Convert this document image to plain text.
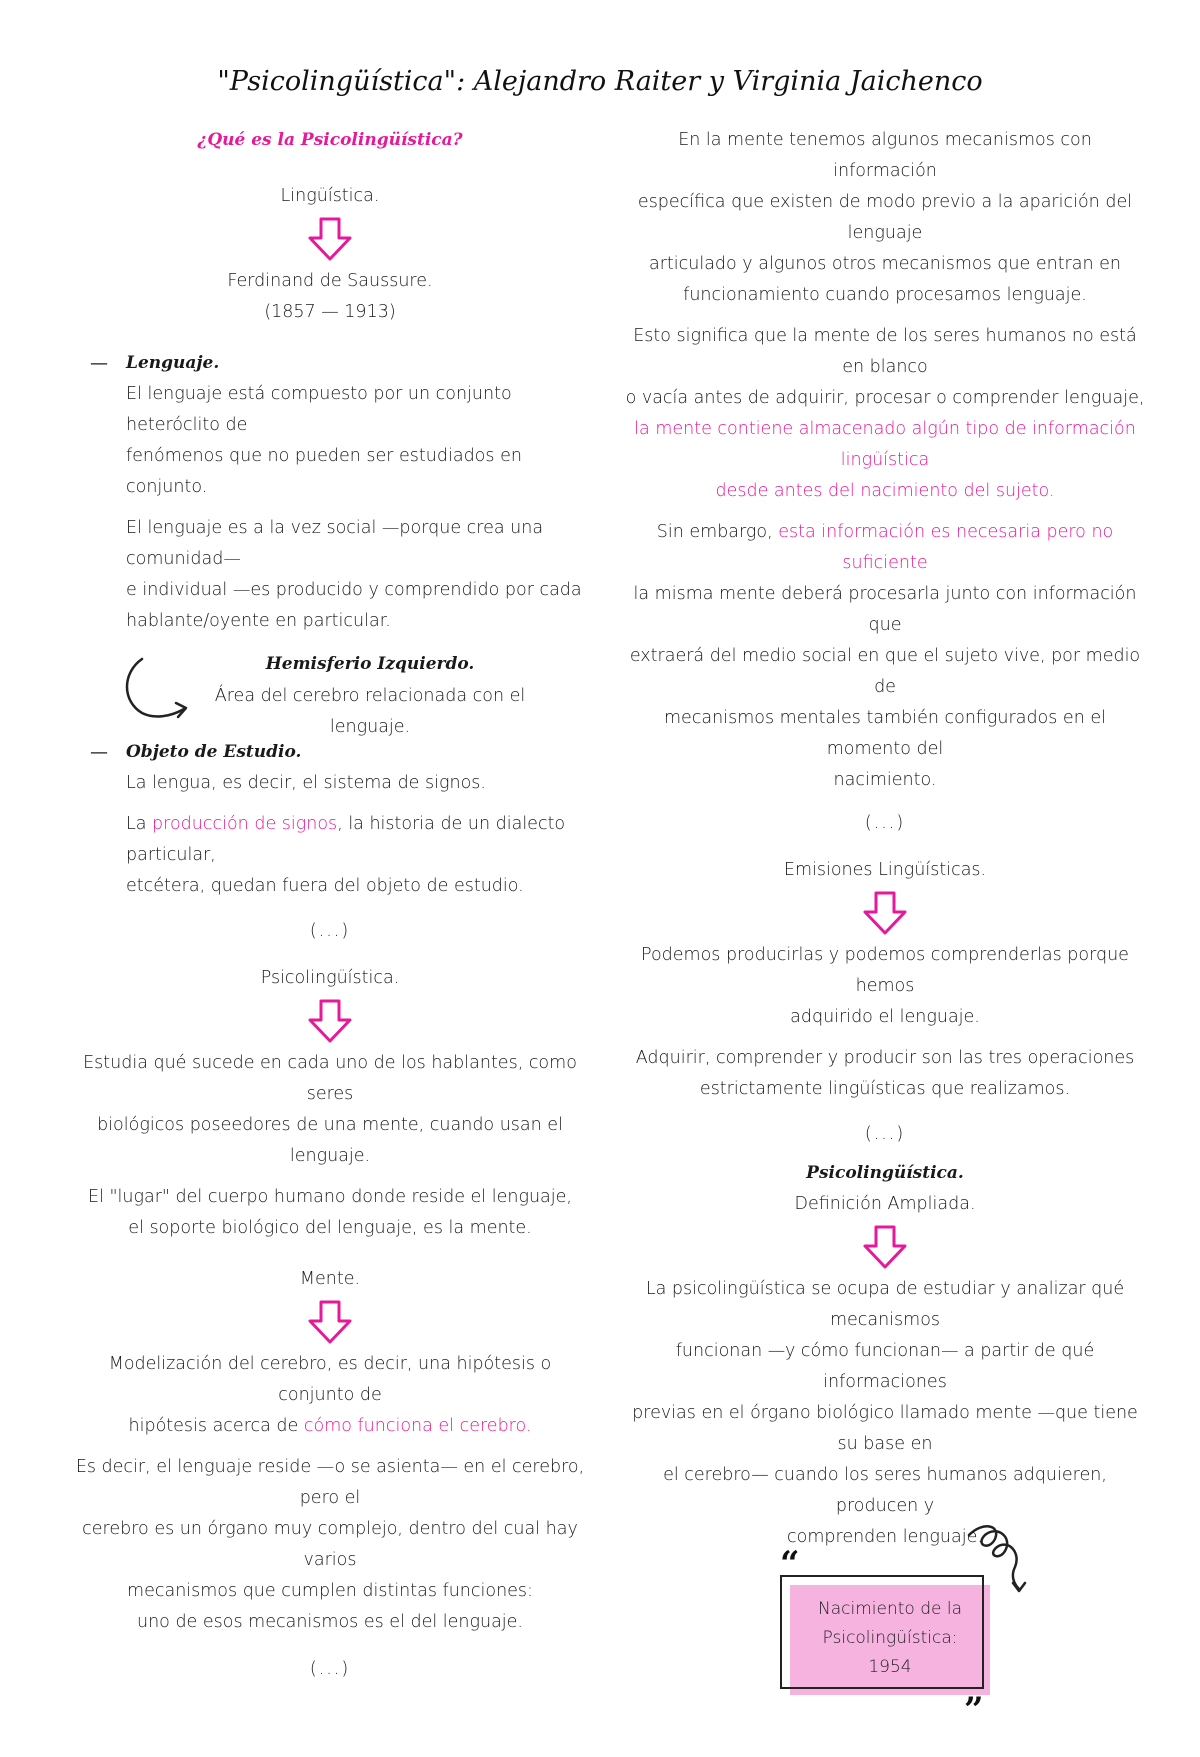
"Psicolingüística": Alejandro Raiter y Virginia Jaichenco
¿Qué es la Psicolingüística?
Lingüística.
Ferdinand de Saussure.
(1857 — 1913)
— Lenguaje.
El lenguaje está compuesto por un conjunto heteróclito de
fenómenos que no pueden ser estudiados en conjunto.
El lenguaje es a la vez social —porque crea una comunidad—
e individual —es producido y comprendido por cada
hablante/oyente en particular.
Hemisferio Izquierdo.
Área del cerebro relacionada con el lenguaje.
— Objeto de Estudio.
La lengua, es decir, el sistema de signos.
La producción de signos, la historia de un dialecto particular,
etcétera, quedan fuera del objeto de estudio.
(...)
Psicolingüística.
Estudia qué sucede en cada uno de los hablantes, como seres
biológicos poseedores de una mente, cuando usan el lenguaje.
El "lugar" del cuerpo humano donde reside el lenguaje,
el soporte biológico del lenguaje, es la mente.
Mente.
Modelización del cerebro, es decir, una hipótesis o conjunto de
hipótesis acerca de cómo funciona el cerebro.
Es decir, el lenguaje reside —o se asienta— en el cerebro, pero el
cerebro es un órgano muy complejo, dentro del cual hay varios
mecanismos que cumplen distintas funciones:
uno de esos mecanismos es el del lenguaje.
(...)
En la mente tenemos algunos mecanismos con información
específica que existen de modo previo a la aparición del lenguaje
articulado y algunos otros mecanismos que entran en
funcionamiento cuando procesamos lenguaje.
Esto significa que la mente de los seres humanos no está en blanco
o vacía antes de adquirir, procesar o comprender lenguaje,
la mente contiene almacenado algún tipo de información lingüística
desde antes del nacimiento del sujeto.
Sin embargo, esta información es necesaria pero no suficiente
la misma mente deberá procesarla junto con información que
extraerá del medio social en que el sujeto vive, por medio de
mecanismos mentales también configurados en el momento del
nacimiento.
(...)
Emisiones Lingüísticas.
Podemos producirlas y podemos comprenderlas porque hemos
adquirido el lenguaje.
Adquirir, comprender y producir son las tres operaciones
estrictamente lingüísticas que realizamos.
(...)
Psicolingüística.
Definición Ampliada.
La psicolingüística se ocupa de estudiar y analizar qué mecanismos
funcionan —y cómo funcionan— a partir de qué informaciones
previas en el órgano biológico llamado mente —que tiene su base en
el cerebro— cuando los seres humanos adquieren, producen y
comprenden lenguaje.
“
”
Nacimiento de la
Psicolingüística:
1954
